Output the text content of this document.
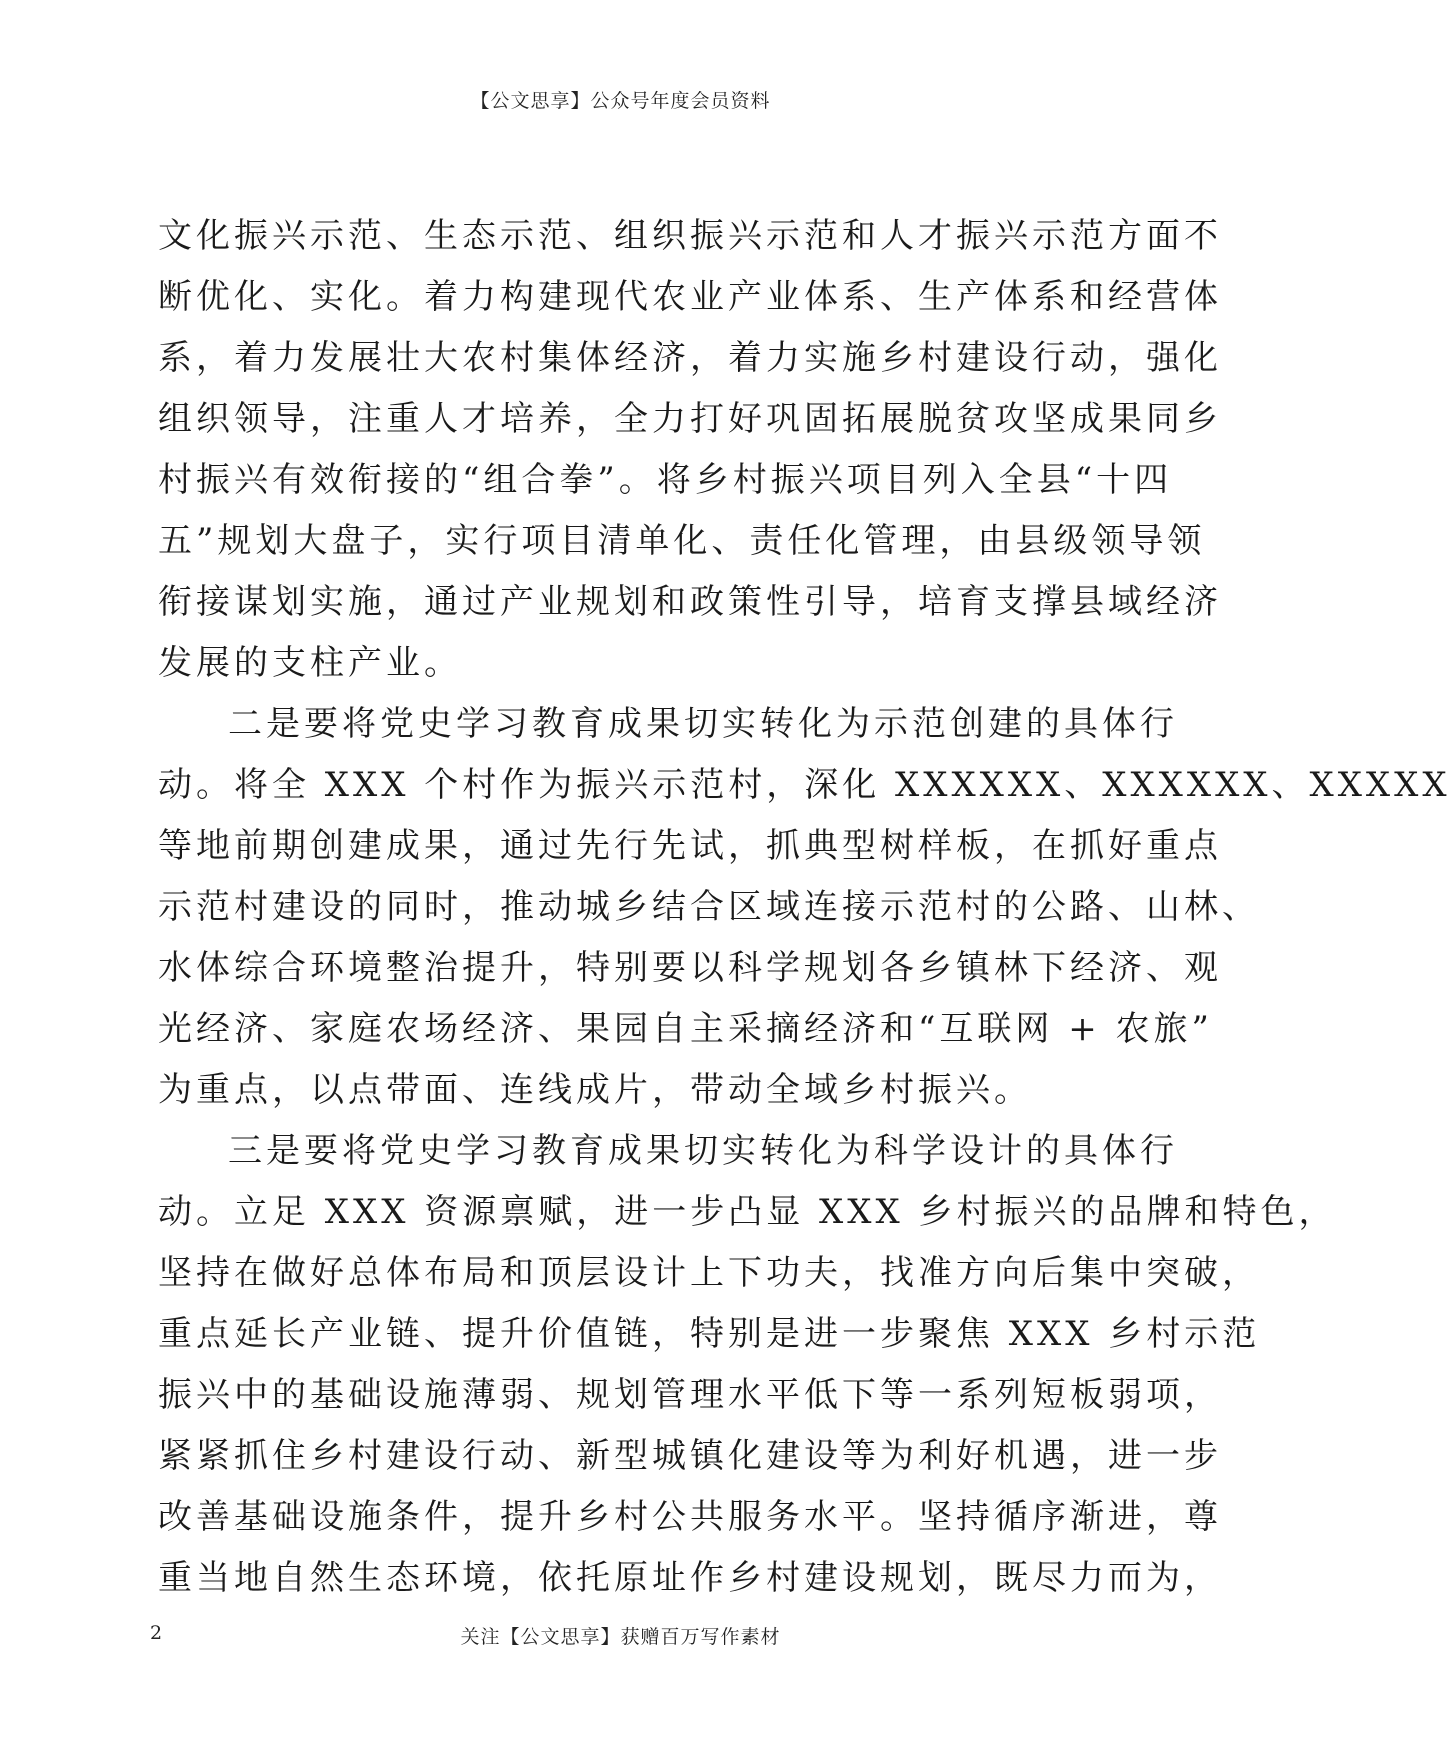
【公文思享】公众号年度会员资料
文化振兴示范、生态示范、组织振兴示范和人才振兴示范方面不
断优化、实化。着力构建现代农业产业体系、生产体系和经营体
系，着力发展壮大农村集体经济，着力实施乡村建设行动，强化
组织领导，注重人才培养，全力打好巩固拓展脱贫攻坚成果同乡
村振兴有效衔接的“组合拳”。将乡村振兴项目列入全县“十四
五”规划大盘子，实行项目清单化、责任化管理，由县级领导领
衔接谋划实施，通过产业规划和政策性引导，培育支撑县域经济
发展的支柱产业。
二是要将党史学习教育成果切实转化为示范创建的具体行
动。将全 XXX 个村作为振兴示范村，深化 XXXXXX、XXXXXX、XXXXX
等地前期创建成果，通过先行先试，抓典型树样板，在抓好重点
示范村建设的同时，推动城乡结合区域连接示范村的公路、山林、
水体综合环境整治提升，特别要以科学规划各乡镇林下经济、观
光经济、家庭农场经济、果园自主采摘经济和“互联网 + 农旅”
为重点，以点带面、连线成片，带动全域乡村振兴。
三是要将党史学习教育成果切实转化为科学设计的具体行
动。立足 XXX 资源禀赋，进一步凸显 XXX 乡村振兴的品牌和特色，
坚持在做好总体布局和顶层设计上下功夫，找准方向后集中突破，
重点延长产业链、提升价值链，特别是进一步聚焦 XXX 乡村示范
振兴中的基础设施薄弱、规划管理水平低下等一系列短板弱项，
紧紧抓住乡村建设行动、新型城镇化建设等为利好机遇，进一步
改善基础设施条件，提升乡村公共服务水平。坚持循序渐进，尊
重当地自然生态环境，依托原址作乡村建设规划，既尽力而为，
2	关注【公文思享】获赠百万写作素材
